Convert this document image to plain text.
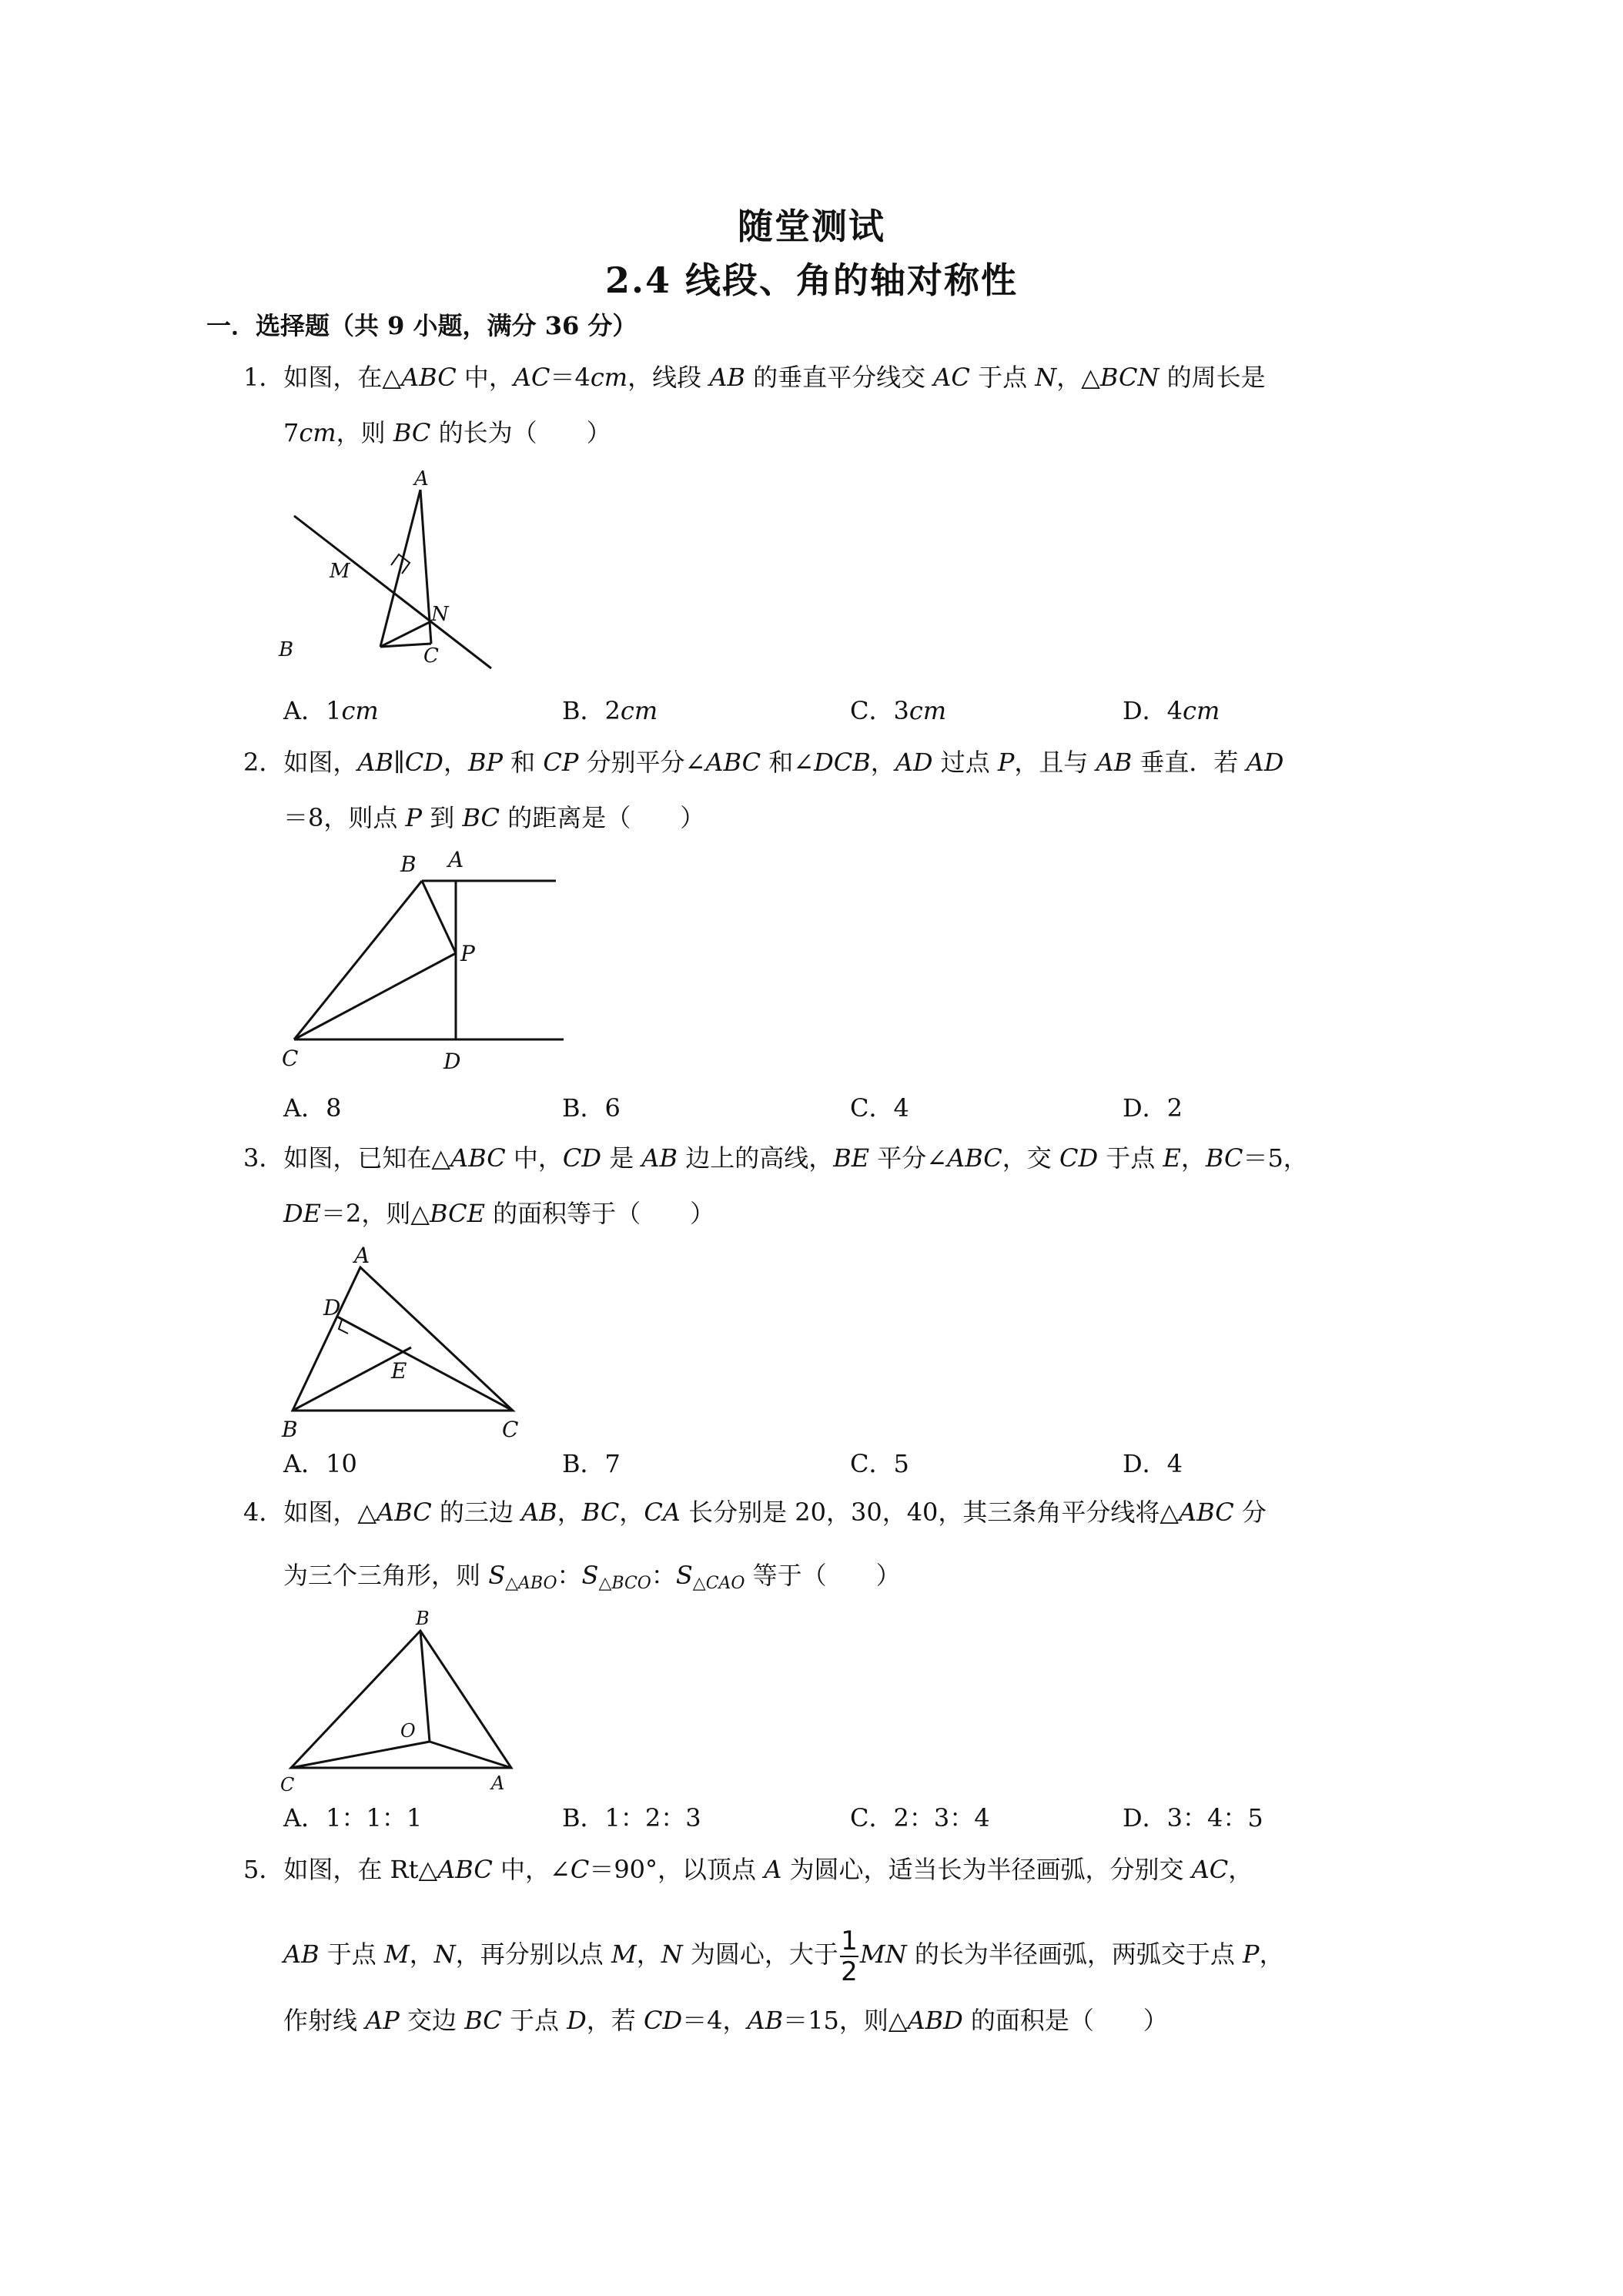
随堂测试
2.4 线段、角的轴对称性
一．选择题（共 9 小题，满分 36 分）
1．如图，在△ABC 中，AC＝4cm，线段 AB 的垂直平分线交 AC 于点 N，△BCN 的周长是
7cm，则 BC 的长为（　　）
A
M
N
B	C
A．1cm	B．2cm	C．3cm	D．4cm
2．如图，AB∥CD，BP 和 CP 分别平分∠ABC 和∠DCB，AD 过点 P，且与 AB 垂直．若 AD
＝8，则点 P 到 BC 的距离是（　　）
B A
P
C	D
A．8	B．6	C．4	D．2
3．如图，已知在△ABC 中，CD 是 AB 边上的高线，BE 平分∠ABC，交 CD 于点 E，BC＝5，
DE＝2，则△BCE 的面积等于（　　）
A
D
E
B	C
A．10	B．7	C．5	D．4
4．如图，△ABC 的三边 AB，BC，CA 长分别是 20，30，40，其三条角平分线将△ABC 分
为三个三角形，则 $S_{\triangle ABO}$：$S_{\triangle BCO}$：$S_{\triangle CAO}$ 等于（　　）
B
O
C	A
A．1：1：1	B．1：2：3	C．2：3：4	D．3：4：5
5．如图，在 Rt△ABC 中，∠C＝90°，以顶点 A 为圆心，适当长为半径画弧，分别交 AC，
AB 于点 M，N，再分别以点 M，N 为圆心，大于$\frac{1}{2}MN$ 的长为半径画弧，两弧交于点 P，
作射线 AP 交边 BC 于点 D，若 CD＝4，AB＝15，则△ABD 的面积是（　　）
